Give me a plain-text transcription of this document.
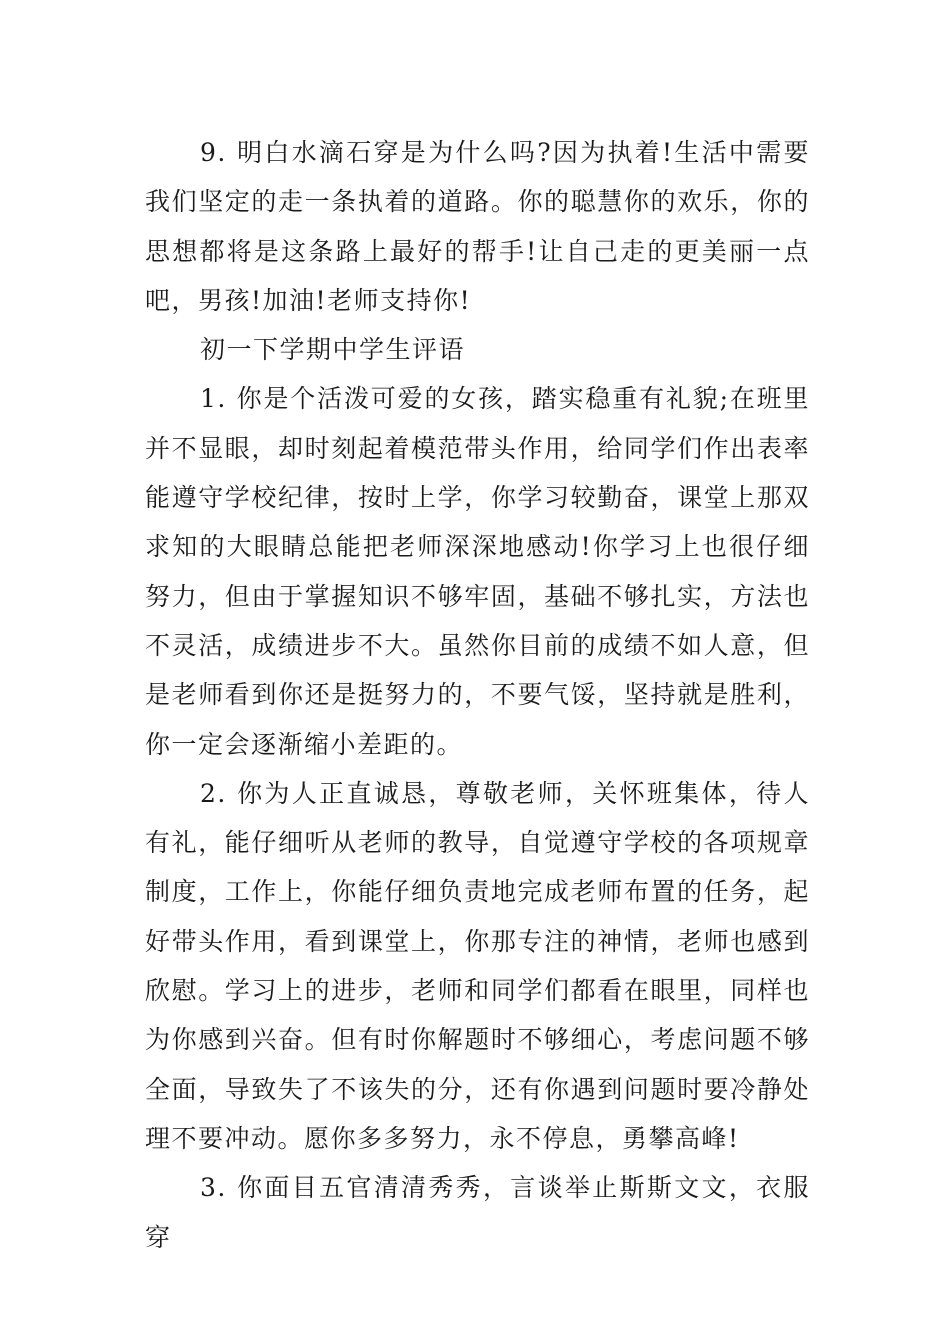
9. 明白水滴石穿是为什么吗?因为执着!生活中需要我们坚定的走一条执着的道路。你的聪慧你的欢乐，你的思想都将是这条路上最好的帮手!让自己走的更美丽一点吧，男孩!加油!老师支持你!

初一下学期中学生评语

1. 你是个活泼可爱的女孩，踏实稳重有礼貌;在班里并不显眼，却时刻起着模范带头作用，给同学们作出表率能遵守学校纪律，按时上学，你学习较勤奋，课堂上那双求知的大眼睛总能把老师深深地感动!你学习上也很仔细努力，但由于掌握知识不够牢固，基础不够扎实，方法也不灵活，成绩进步不大。虽然你目前的成绩不如人意，但是老师看到你还是挺努力的，不要气馁，坚持就是胜利，你一定会逐渐缩小差距的。

2. 你为人正直诚恳，尊敬老师，关怀班集体，待人有礼，能仔细听从老师的教导，自觉遵守学校的各项规章制度，工作上，你能仔细负责地完成老师布置的任务，起好带头作用，看到课堂上，你那专注的神情，老师也感到欣慰。学习上的进步，老师和同学们都看在眼里，同样也为你感到兴奋。但有时你解题时不够细心，考虑问题不够全面，导致失了不该失的分，还有你遇到问题时要冷静处理不要冲动。愿你多多努力，永不停息，勇攀高峰!

3. 你面目五官清清秀秀，言谈举止斯斯文文，衣服穿
